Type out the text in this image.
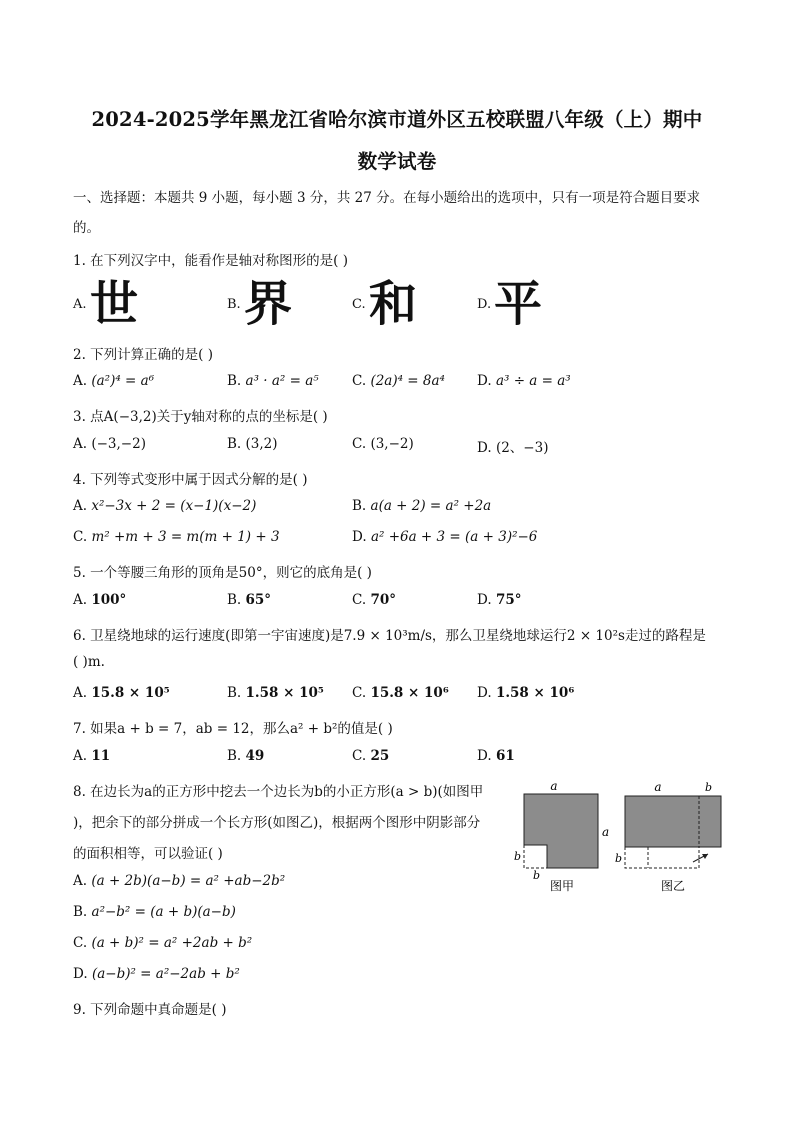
2024-2025学年黑龙江省哈尔滨市道外区五校联盟八年级（上）期中
数学试卷
一、选择题：本题共 9 小题，每小题 3 分，共 27 分。在每小题给出的选项中，只有一项是符合题目要求
的。
1. 在下列汉字中，能看作是轴对称图形的是( )
A. 世	B. 界	C. 和	D. 平
2. 下列计算正确的是( )
A. (a²)⁴ = a⁶	B. a³ · a² = a⁵ C. (2a)⁴ = 8a⁴ D. a³ ÷ a = a³
3. 点A(−3,2)关于y轴对称的点的坐标是( )
A. (−3,−2)	B. (3,2)	C. (3,−2)	D. (2、−3)
4. 下列等式变形中属于因式分解的是( )
A. x²−3x + 2 = (x−1)(x−2)	B. a(a + 2) = a² +2a
C. m² +m + 3 = m(m + 1) + 3	D. a² +6a + 3 = (a + 3)²−6
5. 一个等腰三角形的顶角是50°，则它的底角是( )
A. 100°	B. 65°	C. 70°	D. 75°
6. 卫星绕地球的运行速度(即第一宇宙速度)是7.9 × 10³m/s，那么卫星绕地球运行2 × 10²s走过的路程是
( )m.
A. 15.8 × 10⁵	B. 1.58 × 10⁵ C. 15.8 × 10⁶ D. 1.58 × 10⁶
7. 如果a + b = 7，ab = 12，那么a² + b²的值是( )
A. 11	B. 49	C. 25	D. 61
8. 在边长为a的正方形中挖去一个边长为b的小正方形(a > b)(如图甲
)，把余下的部分拼成一个长方形(如图乙)，根据两个图形中阴影部分
的面积相等，可以验证( )
A. (a + 2b)(a−b) = a² +ab−2b²
B. a²−b² = (a + b)(a−b)
C. (a + b)² = a² +2ab + b²
D. (a−b)² = a²−2ab + b²
a
a
b
b
图甲
a	b
b
图乙
9. 下列命题中真命题是( )
